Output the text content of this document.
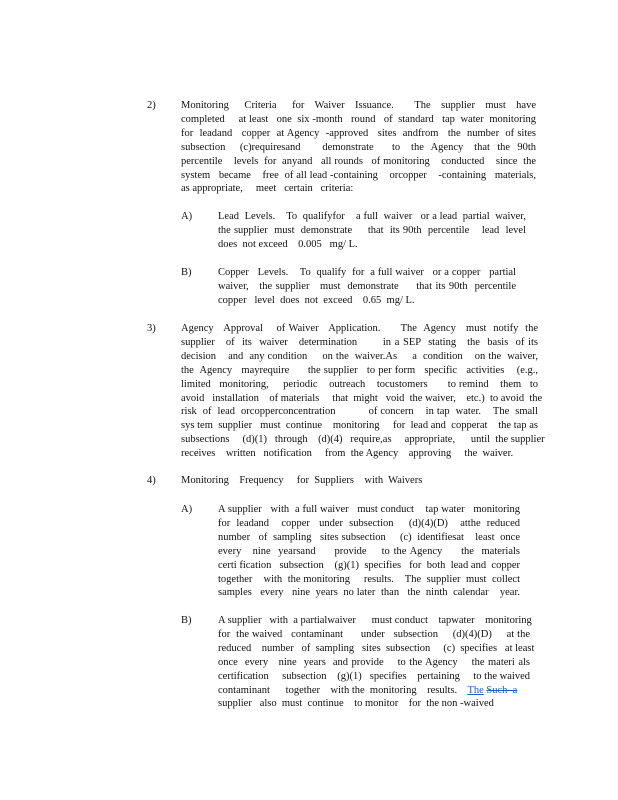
2) Monitoring   Criteria   for  Waiver  Issuance.    The  supplier  must  have
completed     at least   one  six -month   round   of  standard   tap  water  monitoring
for  leadand   copper  at Agency  -approved   sites  andfrom   the  number  of sites
subsection    (c)requiresand      demonstrate     to   the  Agency   that  the  90th
percentile    levels  for  anyand   all rounds   of monitoring    conducted    since  the
system   became    free  of all lead -containing    orcopper    -containing   materials,
as appropriate,     meet   certain   criteria:
A) Lead  Levels.    To  qualifyfor    a full  waiver   or a lead  partial  waiver,
the supplier  must  demonstrate     that  its 90th  percentile    lead  level
does  not exceed    0.005   mg/ L.
B)	Copper   Levels.    To  qualify  for  a full waiver   or a copper   partial
waiver,   the supplier   must  demonstrate     that its 90th  percentile
copper   level  does  not  exceed    0.65  mg/ L.
3) Agency   Approval    of Waiver   Application.      The  Agency   must  notify  the
supplier   of  its  waiver   determination       in a SEP  stating   the  basis  of its
decision    and  any condition     on the  waiver.As     a  condition    on the  waiver,
the  Agency   mayrequire      the supplier   to per form   specific   activities    (e.g.,
limited   monitoring,     periodic    outreach    tocustomers       to remind    them   to
avoid   installation    of materials     that  might   void  the waiver,    etc.)  to avoid  the
risk  of  lead  orcopperconcentration           of concern    in tap  water.    The  small
sys tem  supplier   must  continue    monitoring     for  lead and  copperat    the tap as
subsections     (d)(1)   through    (d)(4)   require,as     appropriate,      until  the supplier
receives    written   notification     from  the Agency    approving     the  waiver.
4) Monitoring    Frequency     for  Suppliers    with  Waivers
A) A supplier   with  a full waiver   must conduct    tap water   monitoring
for  leadand    copper   under  subsection     (d)(4)(D)    atthe  reduced
number   of  sampling   sites subsection     (c)  identifiesat    least  once
every   nine  yearsand     provide    to the Agency     the  materials
certi fication   subsection    (g)(1)  specifies   for  both  lead and  copper
together    with  the monitoring     results.    The  supplier  must  collect
samples   every   nine  years  no later  than   the  ninth  calendar    year.
B)	A supplier   with  a partialwaiver      must conduct    tapwater    monitoring
for  the waived   contaminant      under   subsection     (d)(4)(D)     at the
reduced    number   of  sampling   sites  subsection     (c)  specifies   at least
once  every   nine  years  and provide    to the Agency    the materi als
certification     subsection    (g)(1)   specifies    pertaining     to the waived
contaminant      together    with the  monitoring    results.    The Such  a
supplier   also  must  continue    to monitor    for  the non -waived
